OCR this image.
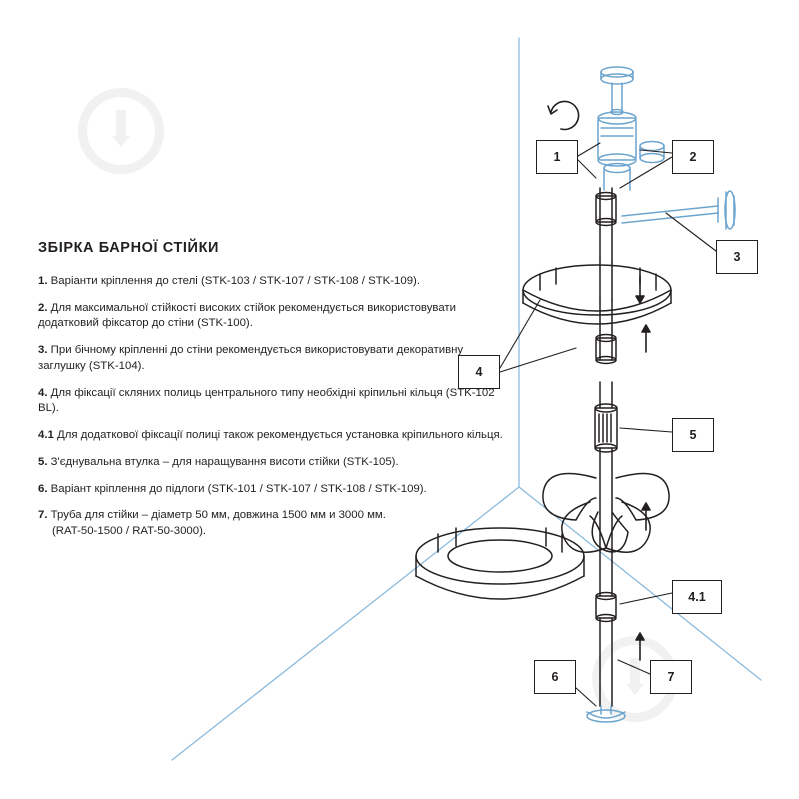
1	2
3
4
5
4.1
6	7
ЗБІРКА БАРНОЇ СТІЙКИ

1. Варіанти крiплення до стелі (STK-103 / STK-107 / STK-108 / STK-109).

2. Для максимальної стійкості високих стійок рекомендується використовувати додатковий фіксатор до стіни (STK-100).

3. При бічному крiпленні до стіни рекомендується використовувати декоративну заглушку (STK-104).

4. Для фіксації скляних полиць центрального типу необхідні кріпильні кільця (STK-102 BL).

4.1 Для додаткової фіксації полиці також рекомендується установка кріпильного кільця.

5. З'єднувальна втулка – для наращування висоти стійки (STK-105).

6. Варіант крiплення до підлоги (STK-101 / STK-107 / STK-108 / STK-109).

7. Труба для стійки – діаметр 50 мм, довжина 1500 мм и 3000 мм.
(RAT-50-1500 / RAT-50-3000).
